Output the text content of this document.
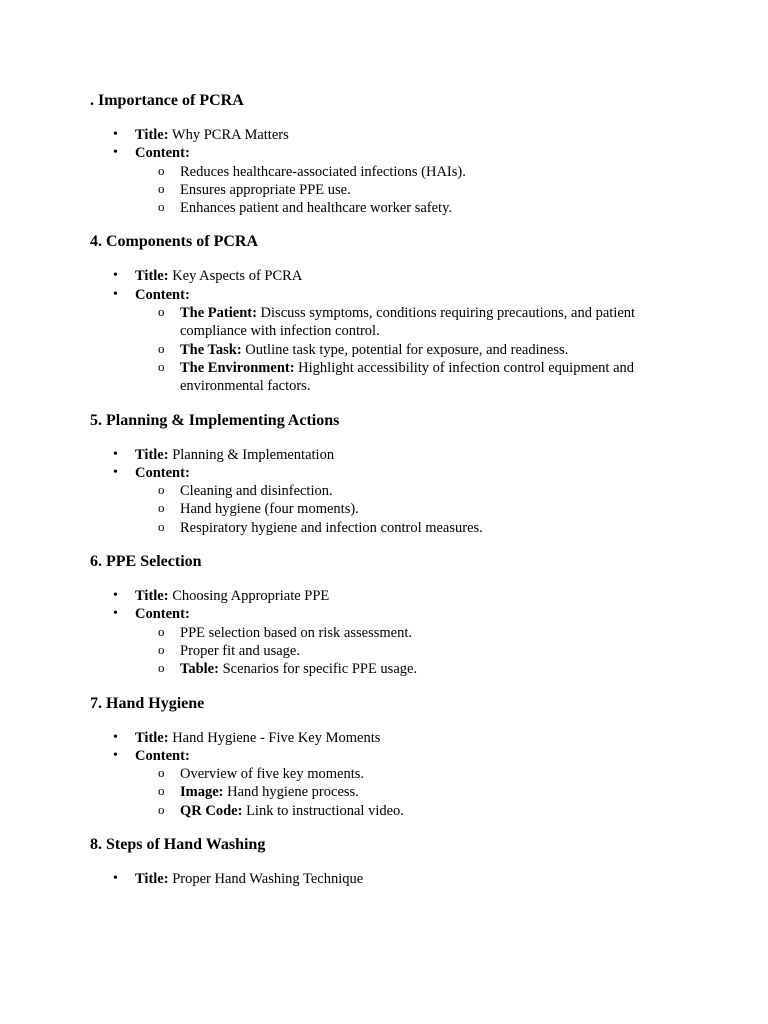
. Importance of PCRA
• Title: Why PCRA Matters
• Content:
o Reduces healthcare-associated infections (HAIs).
o Ensures appropriate PPE use.
o Enhances patient and healthcare worker safety.
4. Components of PCRA
• Title: Key Aspects of PCRA
• Content:
o The Patient: Discuss symptoms, conditions requiring precautions, and patient compliance with infection control.
o The Task: Outline task type, potential for exposure, and readiness.
o The Environment: Highlight accessibility of infection control equipment and environmental factors.
5. Planning & Implementing Actions
• Title: Planning & Implementation
• Content:
o Cleaning and disinfection.
o Hand hygiene (four moments).
o Respiratory hygiene and infection control measures.
6. PPE Selection
• Title: Choosing Appropriate PPE
• Content:
o PPE selection based on risk assessment.
o Proper fit and usage.
o Table: Scenarios for specific PPE usage.
7. Hand Hygiene
• Title: Hand Hygiene - Five Key Moments
• Content:
o Overview of five key moments.
o Image: Hand hygiene process.
o QR Code: Link to instructional video.
8. Steps of Hand Washing
• Title: Proper Hand Washing Technique
